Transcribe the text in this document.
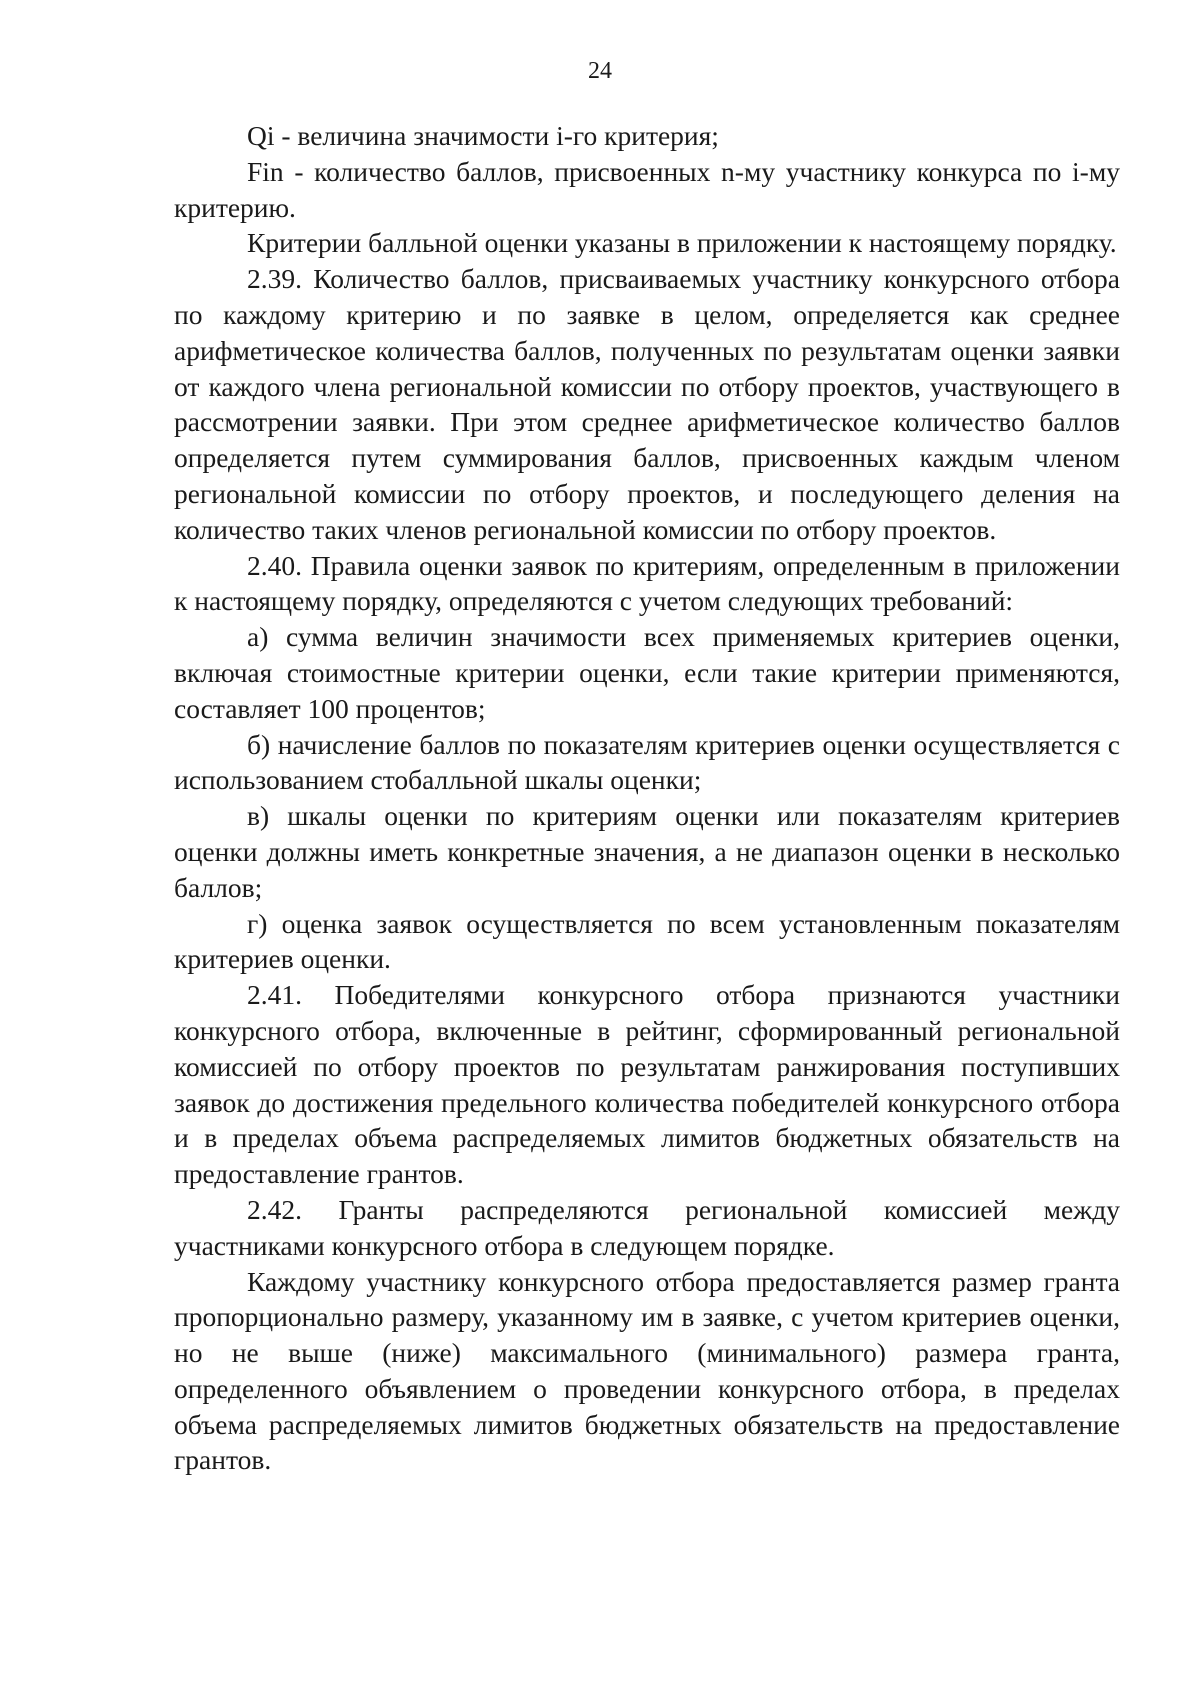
24

Qi - величина значимости i-го критерия;

Fin - количество баллов, присвоенных n-му участнику конкурса по i-му критерию.

Критерии балльной оценки указаны в приложении к настоящему порядку.

2.39. Количество баллов, присваиваемых участнику конкурсного отбора по каждому критерию и по заявке в целом, определяется как среднее арифметическое количества баллов, полученных по результатам оценки заявки от каждого члена региональной комиссии по отбору проектов, участвующего в рассмотрении заявки. При этом среднее арифметическое количество баллов определяется путем суммирования баллов, присвоенных каждым членом региональной комиссии по отбору проектов, и последующего деления на количество таких членов региональной комиссии по отбору проектов.

2.40. Правила оценки заявок по критериям, определенным в приложении к настоящему порядку, определяются с учетом следующих требований:

а) сумма величин значимости всех применяемых критериев оценки, включая стоимостные критерии оценки, если такие критерии применяются, составляет 100 процентов;

б) начисление баллов по показателям критериев оценки осуществляется с использованием стобалльной шкалы оценки;

в) шкалы оценки по критериям оценки или показателям критериев оценки должны иметь конкретные значения, а не диапазон оценки в несколько баллов;

г) оценка заявок осуществляется по всем установленным показателям критериев оценки.

2.41. Победителями конкурсного отбора признаются участники конкурсного отбора, включенные в рейтинг, сформированный региональной комиссией по отбору проектов по результатам ранжирования поступивших заявок до достижения предельного количества победителей конкурсного отбора и в пределах объема распределяемых лимитов бюджетных обязательств на предоставление грантов.

2.42. Гранты распределяются региональной комиссией между участниками конкурсного отбора в следующем порядке.

Каждому участнику конкурсного отбора предоставляется размер гранта пропорционально размеру, указанному им в заявке, с учетом критериев оценки, но не выше (ниже) максимального (минимального) размера гранта, определенного объявлением о проведении конкурсного отбора, в пределах объема распределяемых лимитов бюджетных обязательств на предоставление грантов.
